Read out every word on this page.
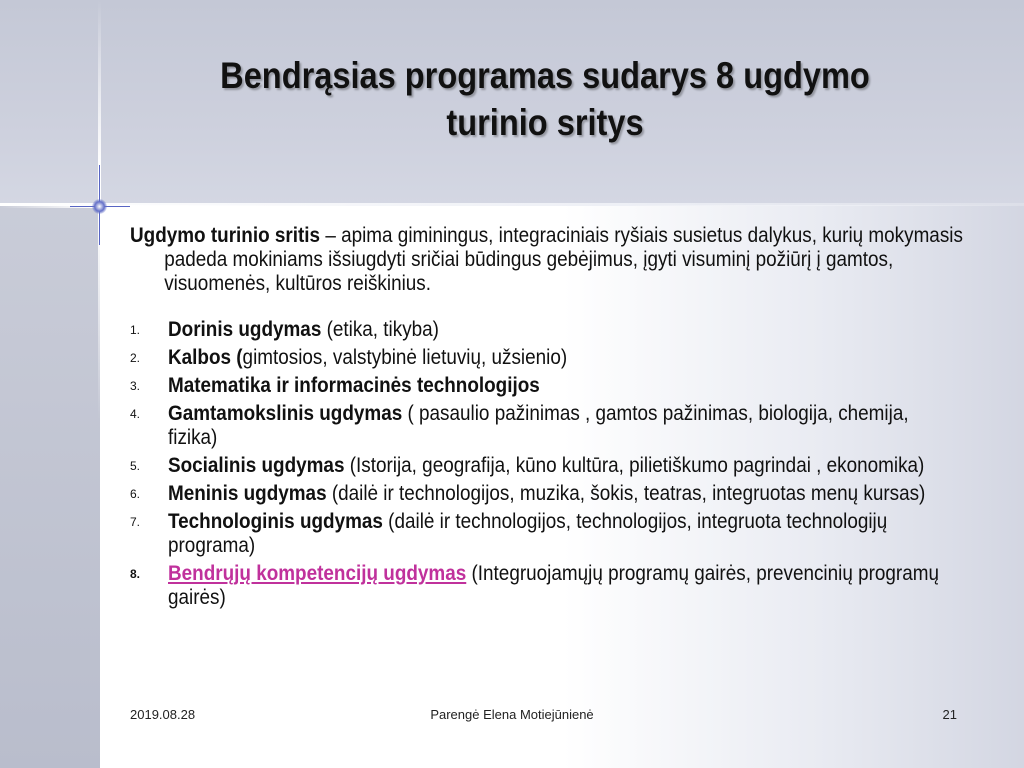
Bendrąsias programas sudarys 8 ugdymo turinio sritys

Ugdymo turinio sritis – apima giminingus, integraciniais ryšiais susietus dalykus, kurių mokymasis padeda mokiniams išsiugdyti sričiai būdingus gebėjimus, įgyti visuminį požiūrį į gamtos, visuomenės, kultūros reiškinius.

1. Dorinis ugdymas (etika, tikyba)
2. Kalbos (gimtosios, valstybinė lietuvių, užsienio)
3. Matematika ir informacinės technologijos
4. Gamtamokslinis ugdymas ( pasaulio pažinimas , gamtos pažinimas, biologija, chemija, fizika)
5. Socialinis ugdymas (Istorija, geografija, kūno kultūra, pilietiškumo pagrindai , ekonomika)
6. Meninis ugdymas (dailė ir technologijos, muzika, šokis, teatras, integruotas menų kursas)
7. Technologinis ugdymas (dailė ir technologijos, technologijos, integruota technologijų programa)
8. Bendrųjų kompetencijų ugdymas (Integruojamųjų programų gairės, prevencinių programų gairės)
2019.08.28	Parengė Elena Motiejūnienė	21
